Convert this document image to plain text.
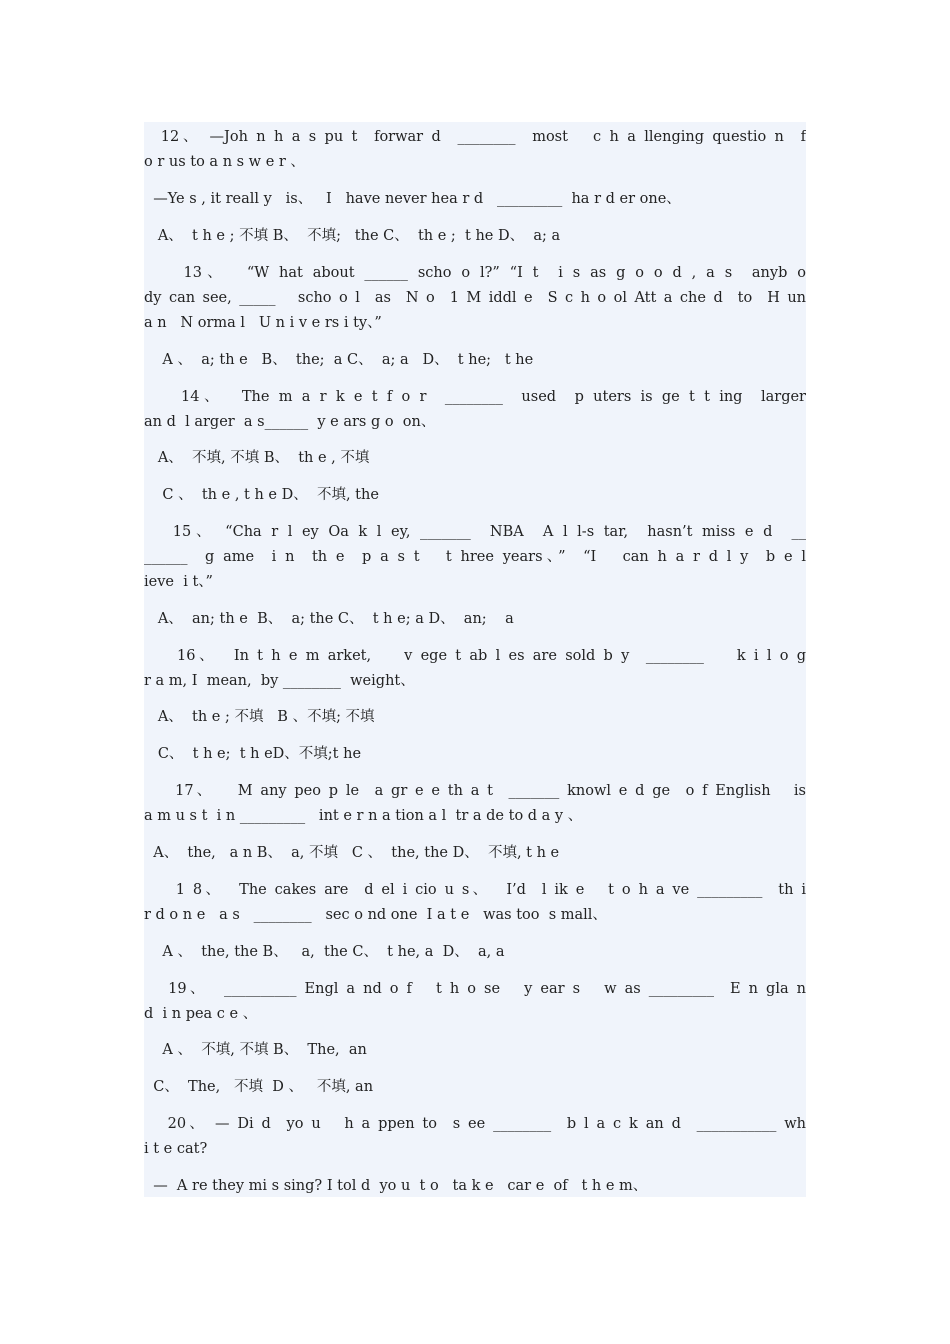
12、 —Joh n h a s pu t  forwar d  ________  most   c h a llenging questio n  f
o r us to a n s w e r 、
—Ye s , it reall y   is、   I   have never hea r d   _________  ha r d er one、
A、  t h e ; 不填 B、  不填;   the C、  th e ;  t he D、  a; a
13、  “W hat about ______ scho o l?” “I t  i s as g o o d , a s  anyb o
dy can see, _____   scho o l  as  N o  1 M iddl e  S c h o ol Att a che d  to  H un
a n   N orma l   U n i v e rs i ty、”
A 、  a; th e   B、  the;  a C、  a; a   D、  t he;   t he
14、  The m a r k e t f o r  ________  used  p uters is ge t t ing  larger
an d  l arger  a s______  y e ars g o  on、
A、  不填, 不填 B、  th e , 不填
C 、  th e , t h e D、  不填, the
15、 “Cha r l ey Oa k l ey, _______  NBA  A l l-s tar,  hasn’t miss e d  __
______  g ame  i n  th e  p a s t   t hree years、”  “I   can h a r d l y  b e l
ieve  i t、”
A、  an; th e  B、  a; the C、  t h e; a D、  an;    a
16、  In t h e m arket,    v ege t ab l es are sold b y  ________    k i l o g
r a m, I  mean,  by ________  weight、
A、  th e ; 不填   B 、不填; 不填
C、  t h e;  t h eD、不填;t he
17、   M any peo p le  a gr e e th a t  _______ knowl e d ge  o f English   is
a m u s t  i n _________   int e r n a tion a l  tr a de to d a y 、
A、  the,   a n B、  a, 不填   C 、  the, the D、  不填, t h e
1 8、  The cakes are  d el i cio u s、  I’d  l ik e   t o h a ve _________  th i
r d o n e   a s   ________   sec o nd one  I a t e   was too  s mall、
A 、  the, the B、   a,  the C、  t he, a  D、  a, a
19、  __________ Engl a nd o f   t h o se   y ear s   w as _________  E n gla n
d  i n pea c e 、
A 、  不填, 不填 B、  The,  an
C、  The,   不填  D 、   不填, an
20、 — Di d  yo u   h a ppen to  s ee ________  b l a c k an d  ___________ wh
i t e cat?
—  A re they mi s sing? I tol d  yo u  t o   ta k e   car e  of   t h e m、
